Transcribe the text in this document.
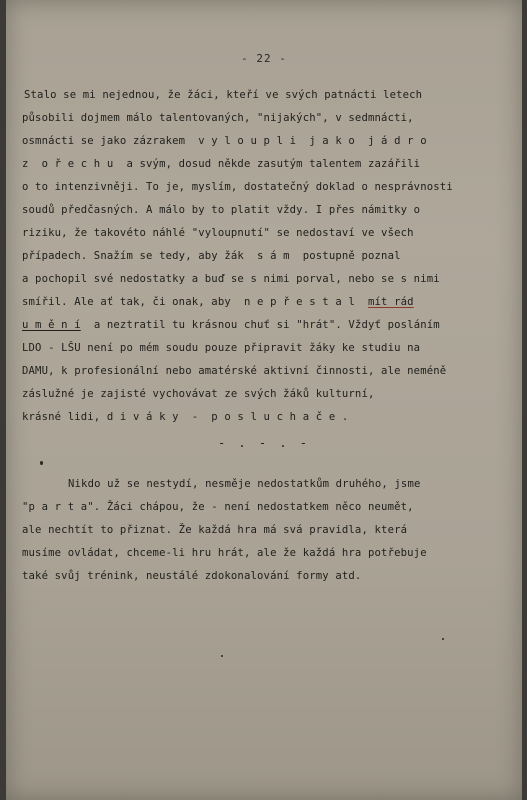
- 22 -
Stalo se mi nejednou, že žáci, kteří ve svých patnácti letech
působili dojmem málo talentovaných, "nijakých", v sedmnácti,
osmnácti se jako zázrakem  v y l o u p l i  j a k o  j á d r o
z  o ř e c h u  a svým, dosud někde zasutým talentem zazářili
o to intenzivněji. To je, myslím, dostatečný doklad o nesprávnosti
soudů předčasných. A málo by to platit vždy. I přes námitky o
riziku, že takovéto náhlé "vyloupnutí" se nedostaví ve všech
případech. Snažím se tedy, aby žák  s á m  postupně poznal
a pochopil své nedostatky a buď se s nimi porval, nebo se s nimi
smířil. Ale ať tak, či onak, aby  n e p ř e s t a l  mít rád
u m ě n í  a neztratil tu krásnou chuť si "hrát". Vždyť posláním
LDO - LŠU není po mém soudu pouze připravit žáky ke studiu na
DAMU, k profesionální nebo amatérské aktivní činnosti, ale neméně
záslužné je zajisté vychovávat ze svých žáků kulturní,
krásné lidi, d i v á k y  -  p o s l u c h a č e .
- . - . -
Nikdo už se nestydí, nesměje nedostatkům druhého, jsme
"p a r t a". Žáci chápou, že - není nedostatkem něco neumět,
ale nechtít to přiznat. Že každá hra má svá pravidla, která
musíme ovládat, chceme-li hru hrát, ale že každá hra potřebuje
také svůj trénink, neustálé zdokonalování formy atd.
